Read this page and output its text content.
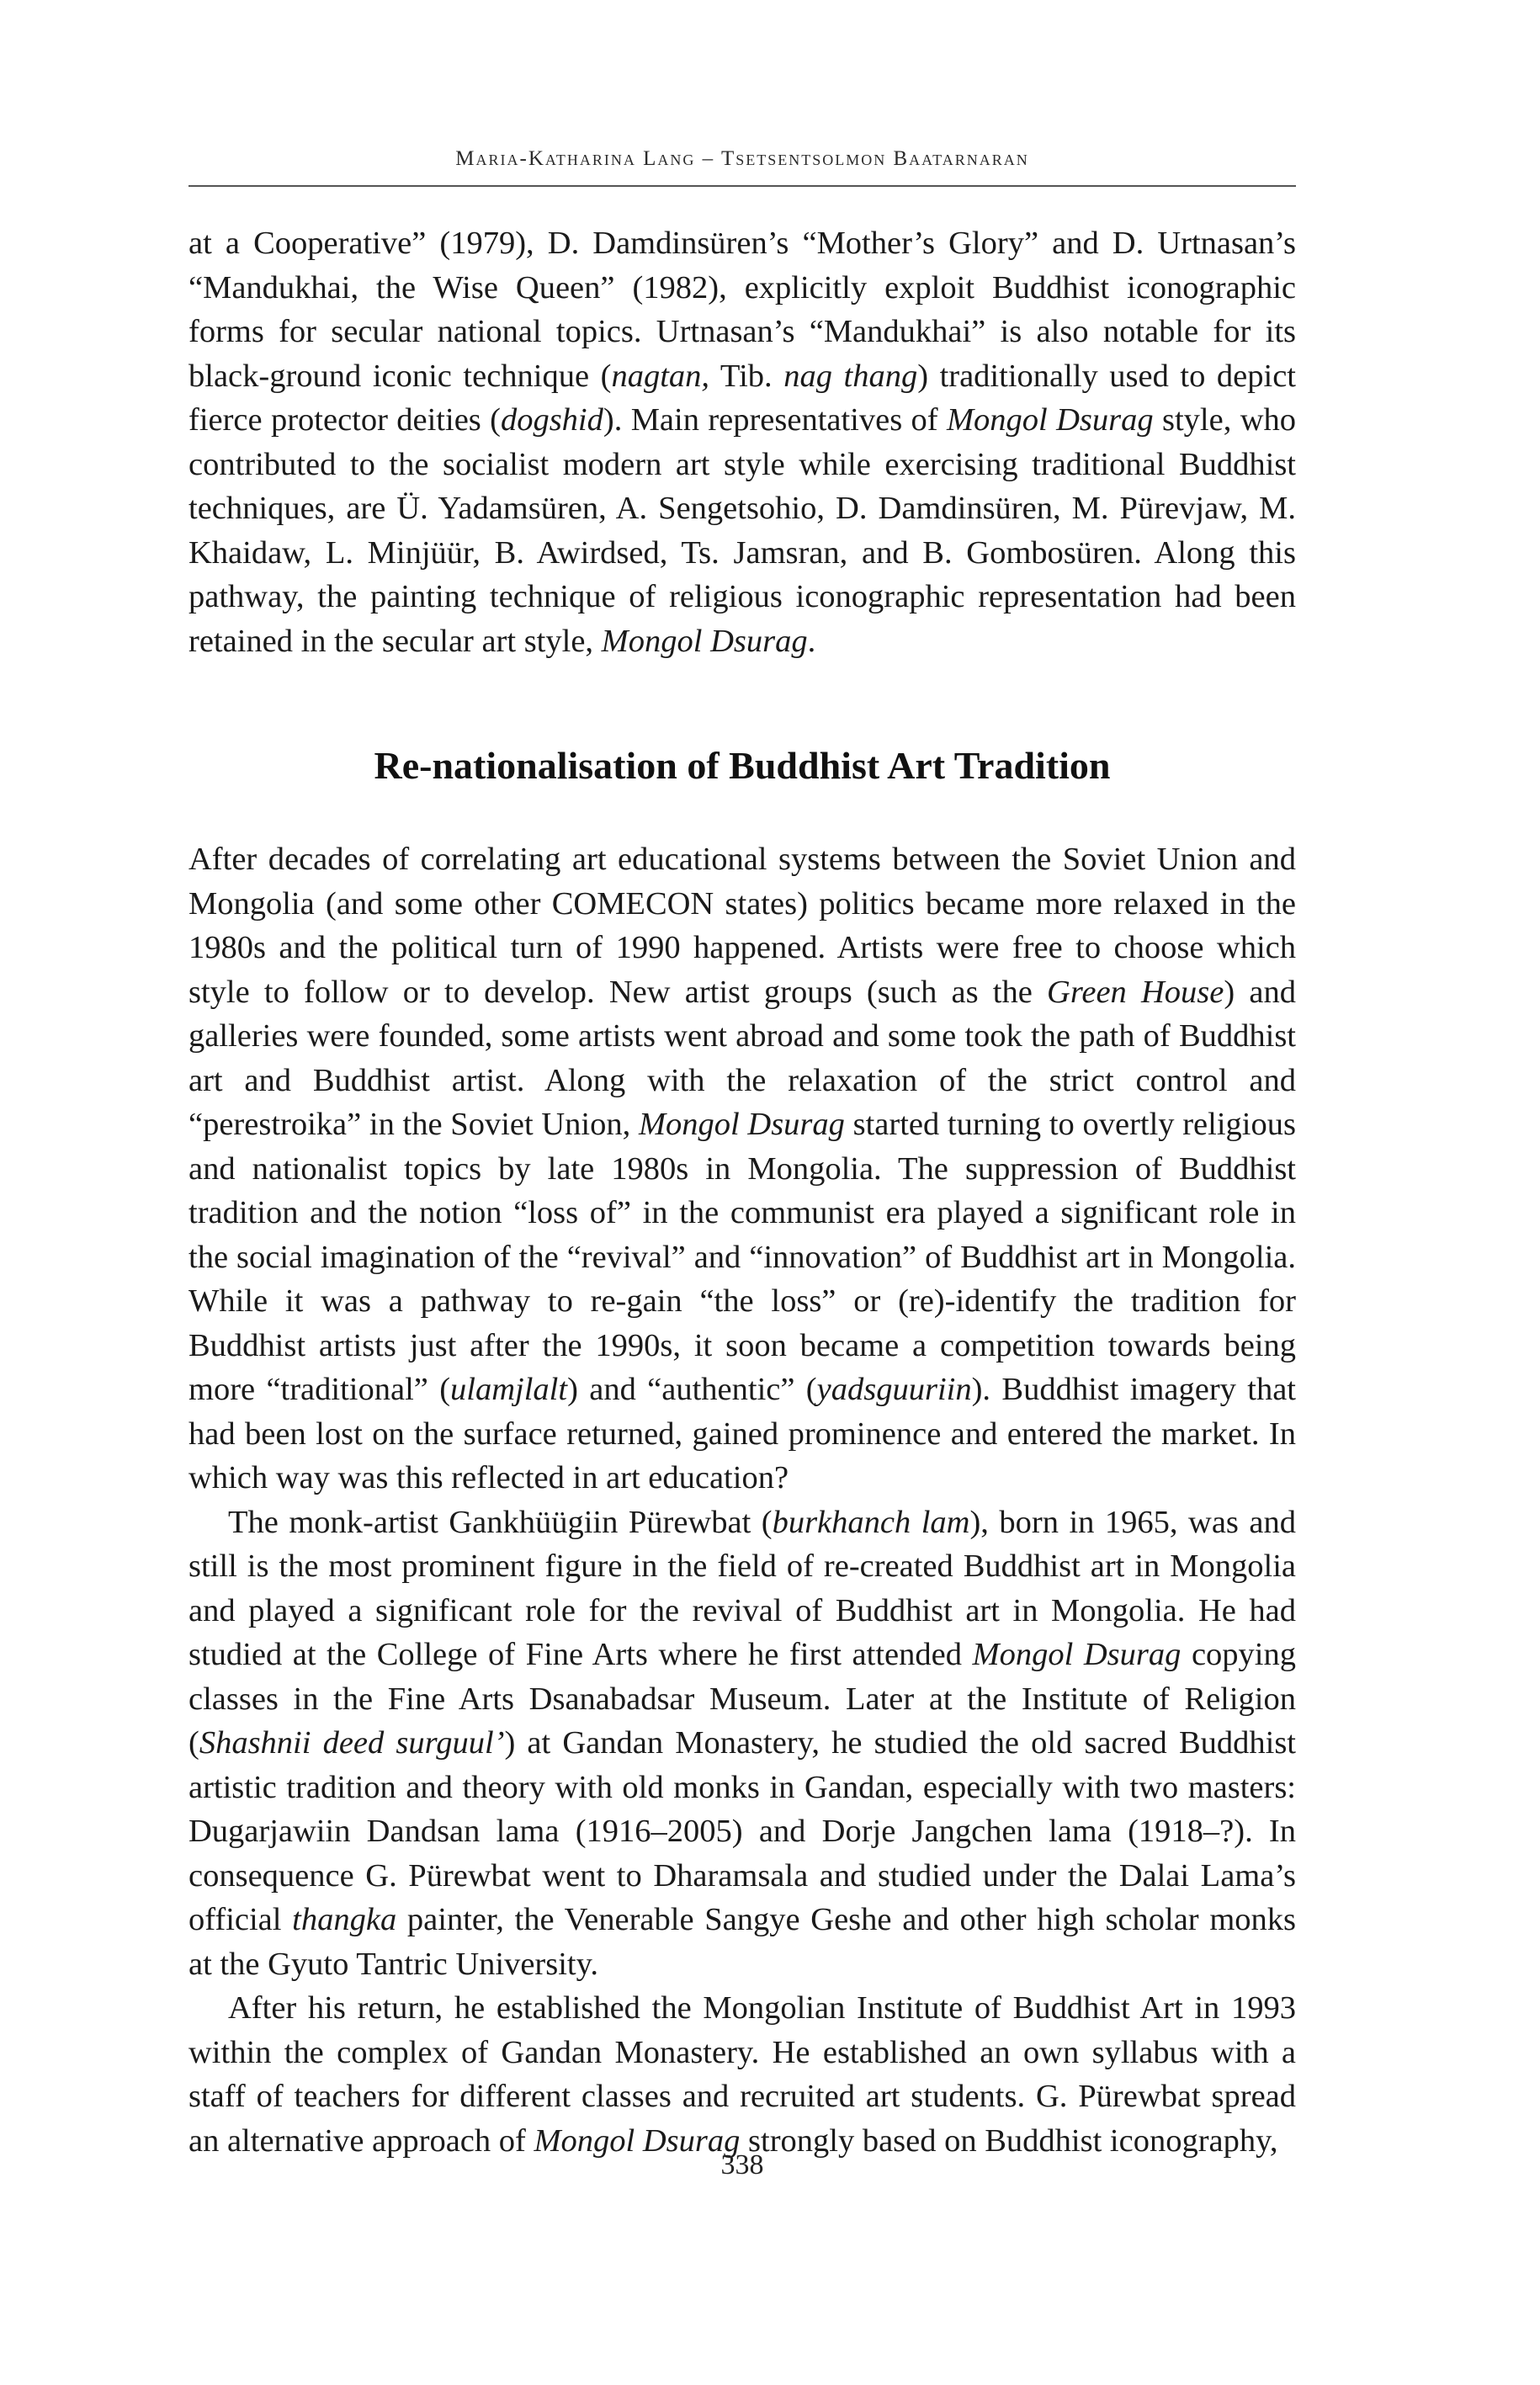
Maria-Katharina Lang – Tsetsentsolmon Baatarnaran

at a Cooperative” (1979), D. Damdinsüren’s “Mother’s Glory” and D. Urtnasan’s “Mandukhai, the Wise Queen” (1982), explicitly exploit Buddhist iconographic forms for secular national topics. Urtnasan’s “Mandukhai” is also notable for its black-ground iconic technique (nagtan, Tib. nag thang) traditionally used to depict fierce protector deities (dogshid). Main representatives of Mongol Dsurag style, who contributed to the socialist modern art style while exercising traditional Buddhist techniques, are Ü. Yadamsüren, A. Sengetsohio, D. Damdinsüren, M. Pürevjaw, M. Khaidaw, L. Minjüür, B. Awirdsed, Ts. Jamsran, and B. Gombosüren. Along this pathway, the painting technique of religious iconographic representation had been retained in the secular art style, Mongol Dsurag.

Re-nationalisation of Buddhist Art Tradition

After decades of correlating art educational systems between the Soviet Union and Mongolia (and some other COMECON states) politics became more relaxed in the 1980s and the political turn of 1990 happened. Artists were free to choose which style to follow or to develop. New artist groups (such as the Green House) and galleries were founded, some artists went abroad and some took the path of Buddhist art and Buddhist artist. Along with the relaxation of the strict control and “perestroika” in the Soviet Union, Mongol Dsurag started turning to overtly religious and nationalist topics by late 1980s in Mongolia. The suppression of Buddhist tradition and the notion “loss of” in the communist era played a significant role in the social imagination of the “revival” and “innovation” of Buddhist art in Mongolia. While it was a pathway to re-gain “the loss” or (re)-identify the tradition for Buddhist artists just after the 1990s, it soon became a competition towards being more “traditional” (ulamjlalt) and “authentic” (yadsguuriin). Buddhist imagery that had been lost on the surface returned, gained prominence and entered the market. In which way was this reflected in art education?

The monk-artist Gankhüügiin Pürewbat (burkhanch lam), born in 1965, was and still is the most prominent figure in the field of re-created Buddhist art in Mongolia and played a significant role for the revival of Buddhist art in Mongolia. He had studied at the College of Fine Arts where he first attended Mongol Dsurag copying classes in the Fine Arts Dsanabadsar Museum. Later at the Institute of Religion (Shashnii deed surguul’) at Gandan Monastery, he studied the old sacred Buddhist artistic tradition and theory with old monks in Gandan, especially with two masters: Dugarjawiin Dandsan lama (1916–2005) and Dorje Jangchen lama (1918–?). In consequence G. Pürewbat went to Dharamsala and studied under the Dalai Lama’s official thangka painter, the Venerable Sangye Geshe and other high scholar monks at the Gyuto Tantric University.

After his return, he established the Mongolian Institute of Buddhist Art in 1993 within the complex of Gandan Monastery. He established an own syllabus with a staff of teachers for different classes and recruited art students. G. Pürewbat spread an alternative approach of Mongol Dsurag strongly based on Buddhist iconography,

338
